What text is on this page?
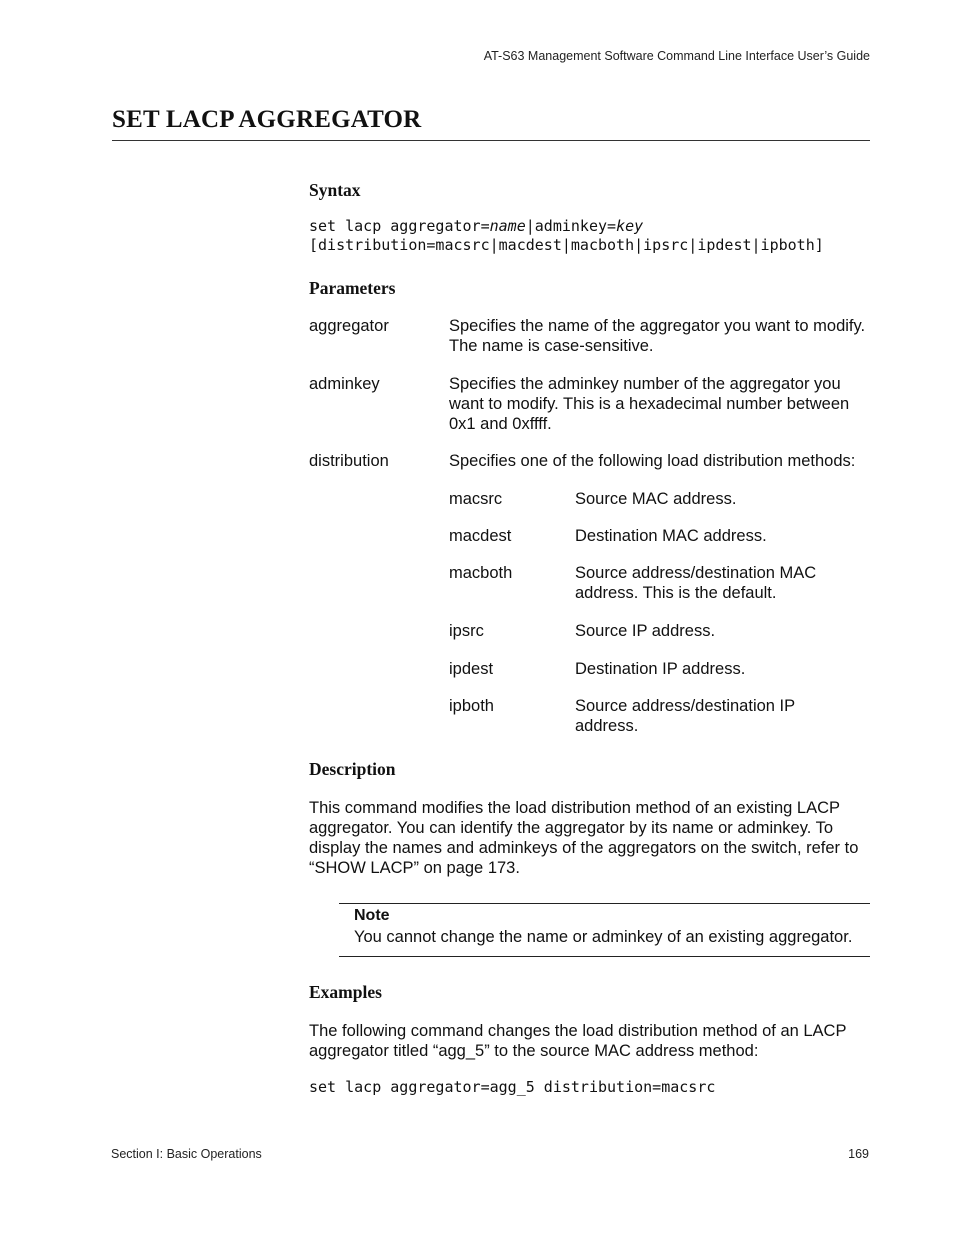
AT-S63 Management Software Command Line Interface User’s Guide
SET LACP AGGREGATOR
Syntax
set lacp aggregator=name|adminkey=key
[distribution=macsrc|macdest|macboth|ipsrc|ipdest|ipboth]
Parameters
aggregator	Specifies the name of the aggregator you want to modify. The name is case-sensitive.
adminkey	Specifies the adminkey number of the aggregator you want to modify. This is a hexadecimal number between 0x1 and 0xffff.
distribution	Specifies one of the following load distribution methods:
macsrc	Source MAC address.
macdest	Destination MAC address.
macboth	Source address/destination MAC address. This is the default.
ipsrc	Source IP address.
ipdest	Destination IP address.
ipboth	Source address/destination IP address.
Description
This command modifies the load distribution method of an existing LACP aggregator. You can identify the aggregator by its name or adminkey. To display the names and adminkeys of the aggregators on the switch, refer to “SHOW LACP” on page 173.
Note
You cannot change the name or adminkey of an existing aggregator.
Examples
The following command changes the load distribution method of an LACP aggregator titled “agg_5” to the source MAC address method:
set lacp aggregator=agg_5 distribution=macsrc
Section I: Basic Operations	169
